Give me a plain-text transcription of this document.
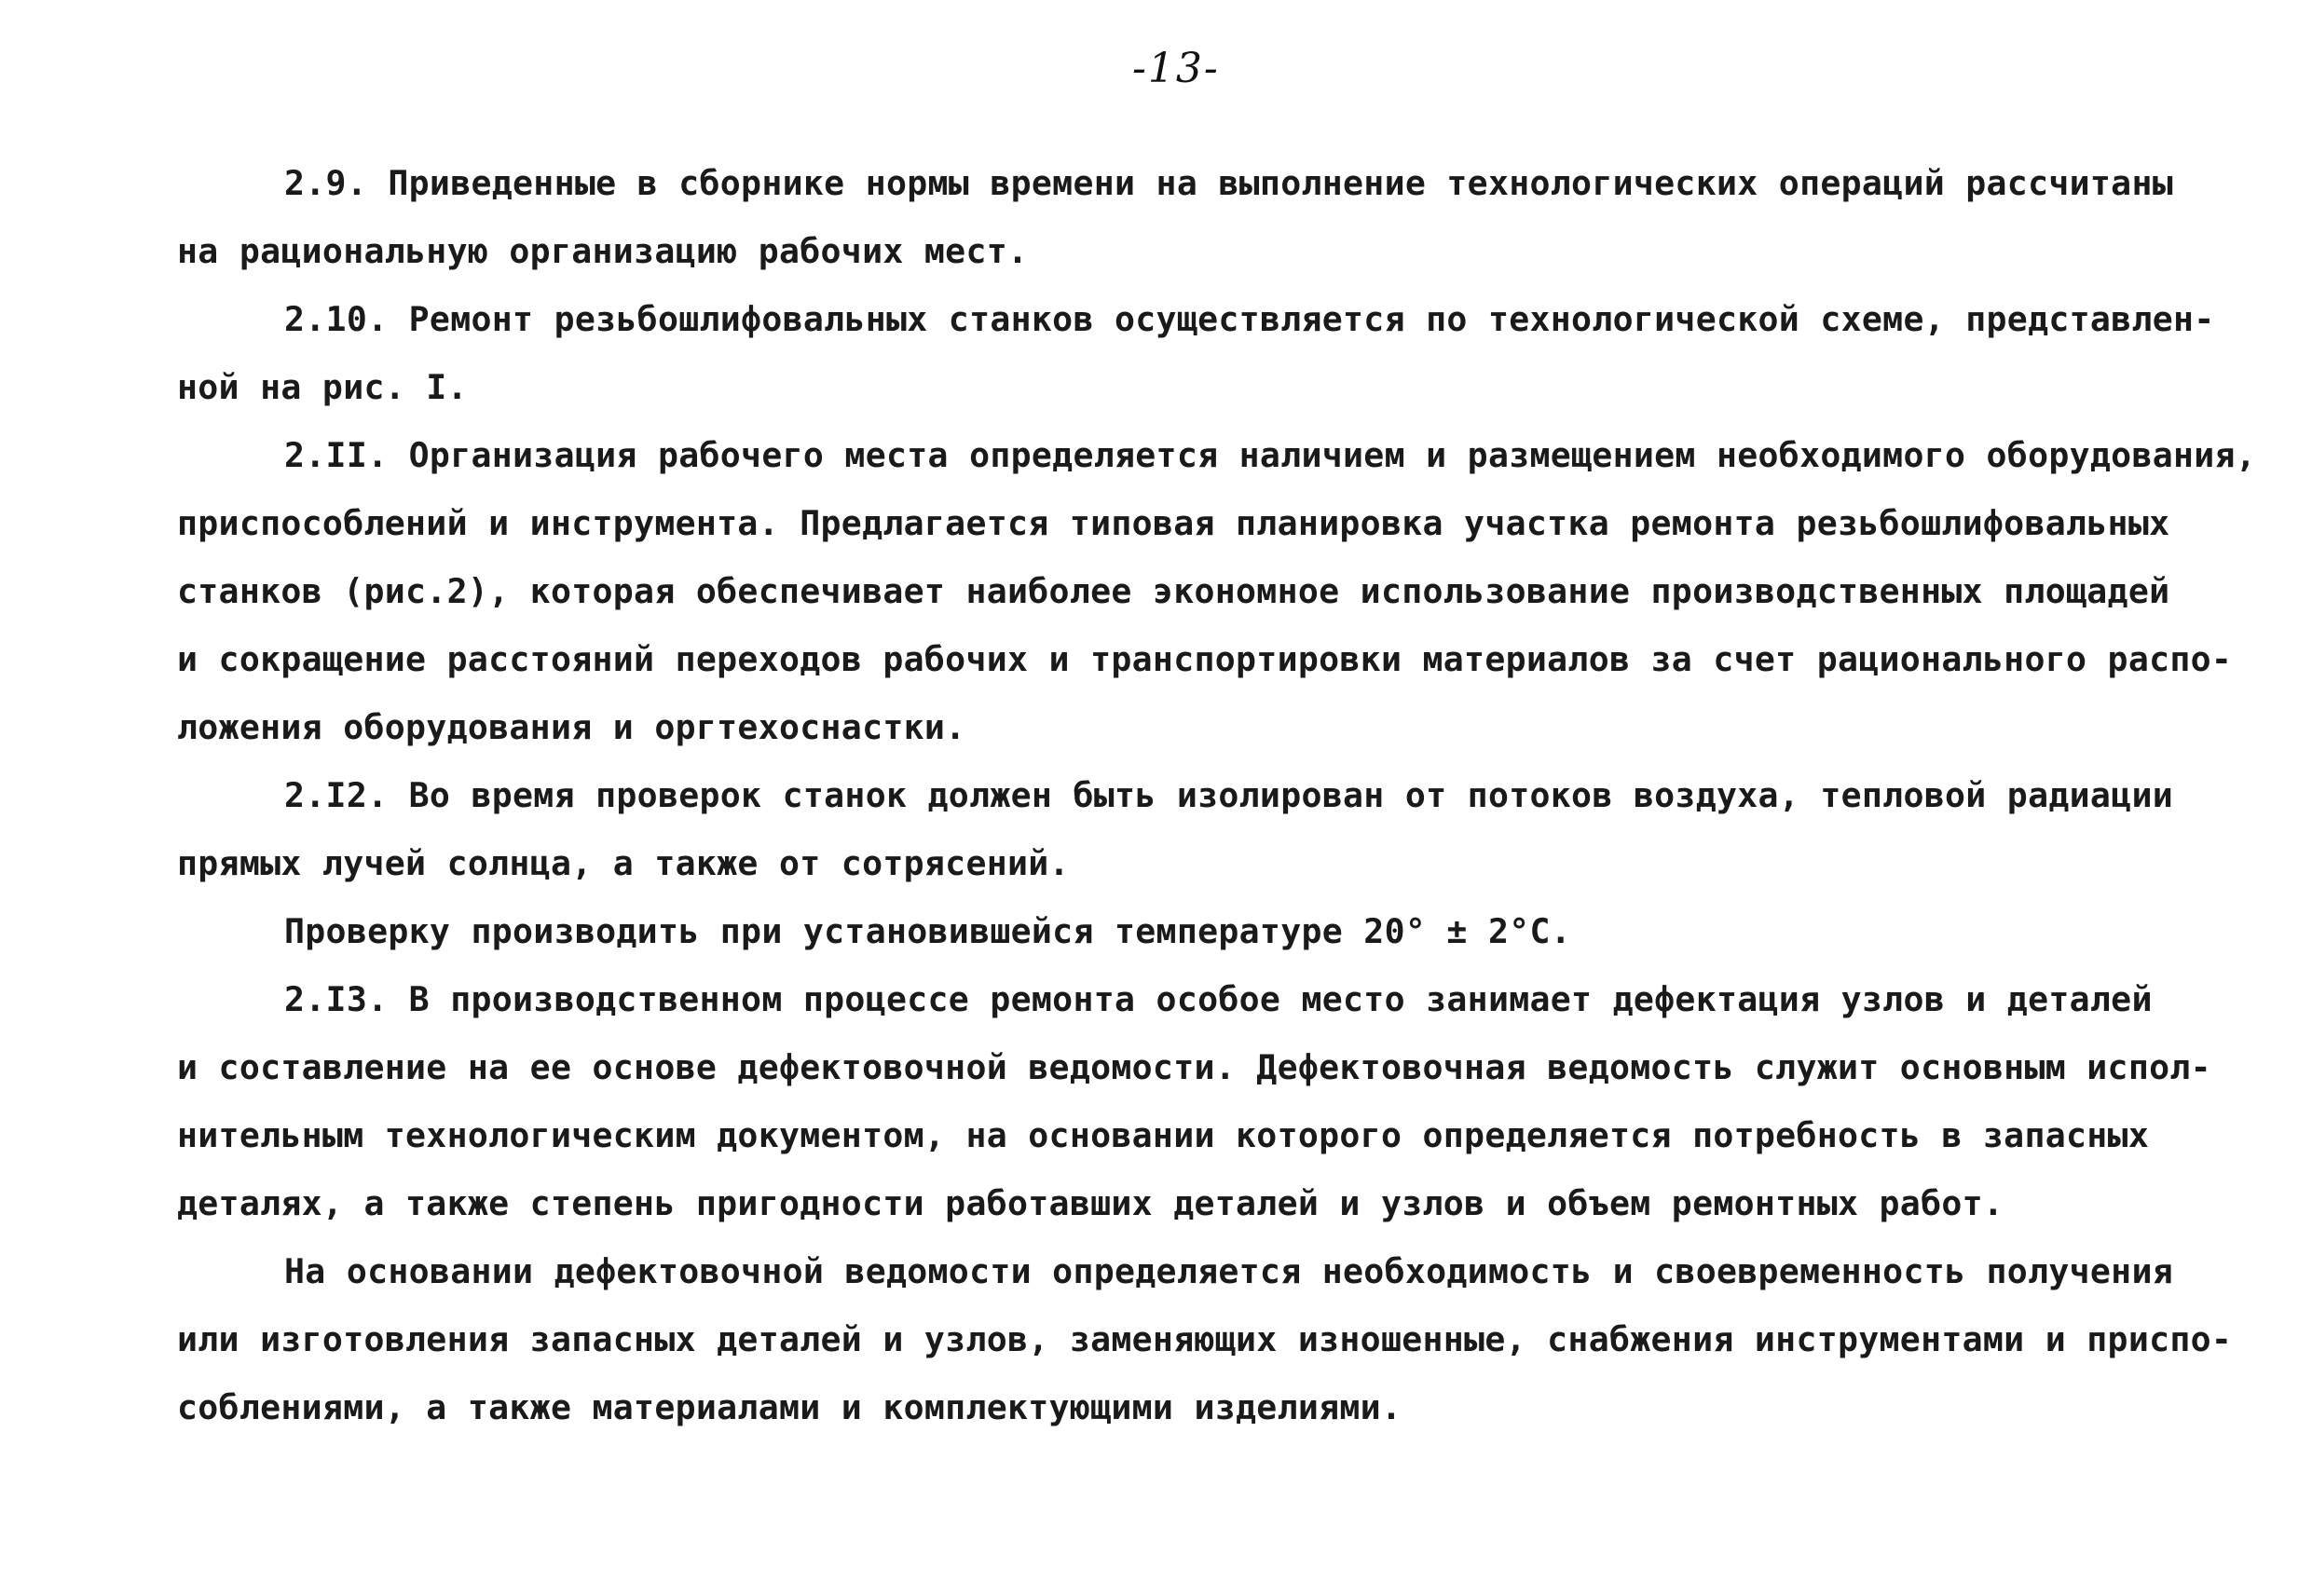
-13-
2.9. Приведенные в сборнике нормы времени на выполнение технологических операций рассчитаны
на рациональную организацию рабочих мест.
2.10. Ремонт резьбошлифовальных станков осуществляется по технологической схеме, представлен-
ной на рис. I.
2.II. Организация рабочего места определяется наличием и размещением необходимого оборудования,
приспособлений и инструмента. Предлагается типовая планировка участка ремонта резьбошлифовальных
станков (рис.2), которая обеспечивает наиболее экономное использование производственных площадей
и сокращение расстояний переходов рабочих и транспортировки материалов за счет рационального распо-
ложения оборудования и оргтехоснастки.
2.I2. Во время проверок станок должен быть изолирован от потоков воздуха, тепловой радиации
прямых лучей солнца, а также от сотрясений.
Проверку производить при установившейся температуре 20° ± 2°С.
2.I3. В производственном процессе ремонта особое место занимает дефектация узлов и деталей
и составление на ее основе дефектовочной ведомости. Дефектовочная ведомость служит основным испол-
нительным технологическим документом, на основании которого определяется потребность в запасных
деталях, а также степень пригодности работавших деталей и узлов и объем ремонтных работ.
На основании дефектовочной ведомости определяется необходимость и своевременность получения
или изготовления запасных деталей и узлов, заменяющих изношенные, снабжения инструментами и приспо-
соблениями, а также материалами и комплектующими изделиями.
